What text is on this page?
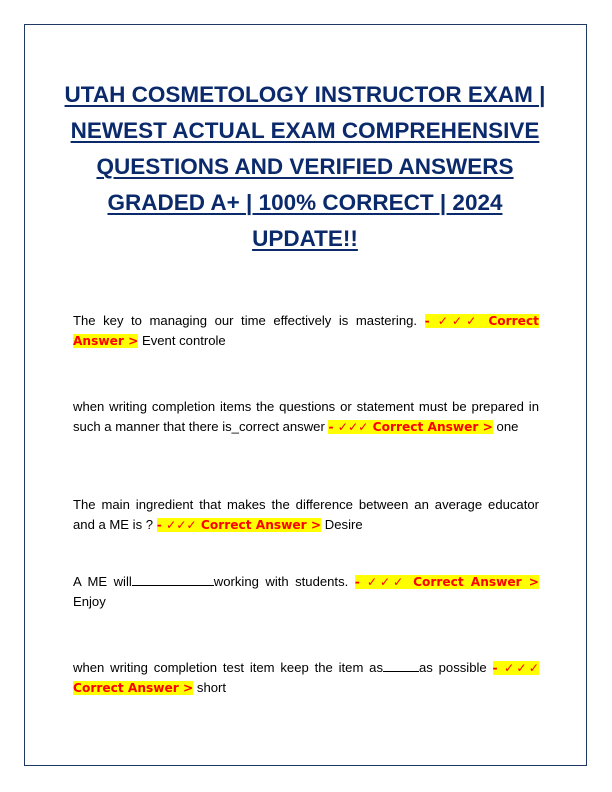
UTAH COSMETOLOGY INSTRUCTOR EXAM | NEWEST ACTUAL EXAM COMPREHENSIVE QUESTIONS AND VERIFIED ANSWERS GRADED A+ | 100% CORRECT | 2024 UPDATE!!
The key to managing our time effectively is mastering. - ✓✓✓ Correct Answer > Event controle
when writing completion items the questions or statement must be prepared in such a manner that there is_correct answer - ✓✓✓ Correct Answer > one
The main ingredient that makes the difference between an average educator and a ME is ? - ✓✓✓ Correct Answer > Desire
A ME will	working with students. - ✓✓✓ Correct Answer > Enjoy
when writing completion test item keep the item as	as possible - ✓✓✓ Correct Answer > short
